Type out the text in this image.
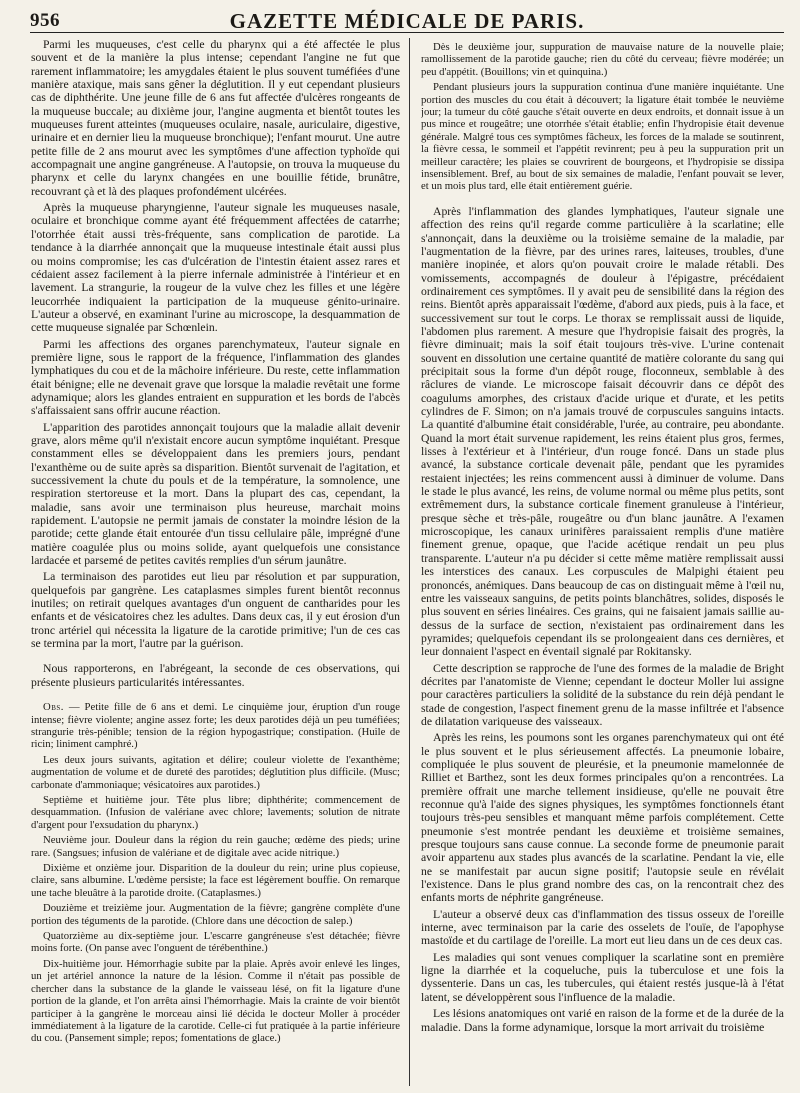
956	GAZETTE MÉDICALE DE PARIS.

Parmi les muqueuses, c'est celle du pharynx qui a été affectée le plus souvent et de la manière la plus intense; cependant l'angine ne fut que rarement inflammatoire; les amygdales étaient le plus souvent tuméfiées d'une manière ataxique, mais sans gêner la déglutition. Il y eut cependant plusieurs cas de diphthérite. Une jeune fille de 6 ans fut affectée d'ulcères rongeants de la muqueuse buccale; au dixième jour, l'angine augmenta et bientôt toutes les muqueuses furent atteintes (muqueuses oculaire, nasale, auriculaire, digestive, urinaire et en dernier lieu la muqueuse bronchique); l'enfant mourut. Une autre petite fille de 2 ans mourut avec les symptômes d'une affection typhoïde qui accompagnait une angine gangréneuse. A l'autopsie, on trouva la muqueuse du pharynx et celle du larynx changées en une bouillie fétide, brunâtre, recouvrant çà et là des plaques profondément ulcérées.

Après la muqueuse pharyngienne, l'auteur signale les muqueuses nasale, oculaire et bronchique comme ayant été fréquemment affectées de catarrhe; l'otorrhée était aussi très-fréquente, sans complication de parotide. La tendance à la diarrhée annonçait que la muqueuse intestinale était aussi plus ou moins compromise; les cas d'ulcération de l'intestin étaient assez rares et cédaient assez facilement à la pierre infernale administrée à l'intérieur et en lavement. La strangurie, la rougeur de la vulve chez les filles et une légère leucorrhée indiquaient la participation de la muqueuse génito-urinaire. L'auteur a observé, en examinant l'urine au microscope, la desquammation de cette muqueuse signalée par Schœnlein.

Parmi les affections des organes parenchymateux, l'auteur signale en première ligne, sous le rapport de la fréquence, l'inflammation des glandes lymphatiques du cou et de la mâchoire inférieure. Du reste, cette inflammation était bénigne; elle ne devenait grave que lorsque la maladie revêtait une forme adynamique; alors les glandes entraient en suppuration et les bords de l'abcès s'affaissaient sans offrir aucune réaction.

L'apparition des parotides annonçait toujours que la maladie allait devenir grave, alors même qu'il n'existait encore aucun symptôme inquiétant. Presque constamment elles se développaient dans les premiers jours, pendant l'exanthème ou de suite après sa disparition. Bientôt survenait de l'agitation, et successivement la chute du pouls et de la température, la somnolence, une respiration stertoreuse et la mort. Dans la plupart des cas, cependant, la maladie, sans avoir une terminaison plus heureuse, marchait moins rapidement. L'autopsie ne permit jamais de constater la moindre lésion de la parotide; cette glande était entourée d'un tissu cellulaire pâle, imprégné d'une matière coagulée plus ou moins solide, ayant quelquefois une consistance lardacée et parsemé de petites cavités remplies d'un sérum jaunâtre.

La terminaison des parotides eut lieu par résolution et par suppuration, quelquefois par gangrène. Les cataplasmes simples furent bientôt reconnus inutiles; on retirait quelques avantages d'un onguent de cantharides pour les enfants et de vésicatoires chez les adultes. Dans deux cas, il y eut érosion d'un tronc artériel qui nécessita la ligature de la carotide primitive; l'un de ces cas se termina par la mort, l'autre par la guérison.

Nous rapporterons, en l'abrégeant, la seconde de ces observations, qui présente plusieurs particularités intéressantes.

Obs. — Petite fille de 6 ans et demi. Le cinquième jour, éruption d'un rouge intense; fièvre violente; angine assez forte; les deux parotides déjà un peu tuméfiées; strangurie très-pénible; tension de la région hypogastrique; constipation. (Huile de ricin; liniment camphré.)

Les deux jours suivants, agitation et délire; couleur violette de l'exanthème; augmentation de volume et de dureté des parotides; déglutition plus difficile. (Musc; carbonate d'ammoniaque; vésicatoires aux parotides.)

Septième et huitième jour. Tête plus libre; diphthérite; commencement de desquammation. (Infusion de valériane avec chlore; lavements; solution de nitrate d'argent pour l'exsudation du pharynx.)

Neuvième jour. Douleur dans la région du rein gauche; œdème des pieds; urine rare. (Sangsues; infusion de valériane et de digitale avec acide nitrique.)

Dixième et onzième jour. Disparition de la douleur du rein; urine plus copieuse, claire, sans albumine. L'œdème persiste; la face est légèrement bouffie. On remarque une tache bleuâtre à la parotide droite. (Cataplasmes.)

Douzième et treizième jour. Augmentation de la fièvre; gangrène complète d'une portion des téguments de la parotide. (Chlore dans une décoction de salep.)

Quatorzième au dix-septième jour. L'escarre gangréneuse s'est détachée; fièvre moins forte. (On panse avec l'onguent de térébenthine.)

Dix-huitième jour. Hémorrhagie subite par la plaie. Après avoir enlevé les linges, un jet artériel annonce la nature de la lésion. Comme il n'était pas possible de chercher dans la substance de la glande le vaisseau lésé, on fit la ligature d'une portion de la glande, et l'on arrêta ainsi l'hémorrhagie. Mais la crainte de voir bientôt participer à la gangrène le morceau ainsi lié décida le docteur Moller à procéder immédiatement à la ligature de la carotide. Celle-ci fut pratiquée à la partie inférieure du cou. (Pansement simple; repos; fomentations de glace.)

Dès le deuxième jour, suppuration de mauvaise nature de la nouvelle plaie; ramollissement de la parotide gauche; rien du côté du cerveau; fièvre modérée; un peu d'appétit. (Bouillons; vin et quinquina.)

Pendant plusieurs jours la suppuration continua d'une manière inquiétante. Une portion des muscles du cou était à découvert; la ligature était tombée le neuvième jour; la tumeur du côté gauche s'était ouverte en deux endroits, et donnait issue à un pus mince et rougeâtre; une otorrhée s'était établie; enfin l'hydropisie était devenue générale. Malgré tous ces symptômes fâcheux, les forces de la malade se soutinrent, la fièvre cessa, le sommeil et l'appétit revinrent; peu à peu la suppuration prit un meilleur caractère; les plaies se couvrirent de bourgeons, et l'hydropisie se dissipa insensiblement. Bref, au bout de six semaines de maladie, l'enfant pouvait se lever, et un mois plus tard, elle était entièrement guérie.

Après l'inflammation des glandes lymphatiques, l'auteur signale une affection des reins qu'il regarde comme particulière à la scarlatine; elle s'annonçait, dans la deuxième ou la troisième semaine de la maladie, par l'augmentation de la fièvre, par des urines rares, laiteuses, troubles, d'une manière inopinée, et alors qu'on pouvait croire le malade rétabli. Des vomissements, accompagnés de douleur à l'épigastre, précédaient ordinairement ces symptômes. Il y avait peu de sensibilité dans la région des reins. Bientôt après apparaissait l'œdème, d'abord aux pieds, puis à la face, et successivement sur tout le corps. Le thorax se remplissait aussi de liquide, l'abdomen plus rarement. A mesure que l'hydropisie faisait des progrès, la fièvre diminuait; mais la soif était toujours très-vive. L'urine contenait souvent en dissolution une certaine quantité de matière colorante du sang qui précipitait sous la forme d'un dépôt rouge, floconneux, semblable à des râclures de viande. Le microscope faisait découvrir dans ce dépôt des coagulums amorphes, des cristaux d'acide urique et d'urate, et les petits cylindres de F. Simon; on n'a jamais trouvé de corpuscules sanguins intacts. La quantité d'albumine était considérable, l'urée, au contraire, peu abondante. Quand la mort était survenue rapidement, les reins étaient plus gros, fermes, lisses à l'extérieur et à l'intérieur, d'un rouge foncé. Dans un stade plus avancé, la substance corticale devenait pâle, pendant que les pyramides restaient injectées; les reins commencent aussi à diminuer de volume. Dans le stade le plus avancé, les reins, de volume normal ou même plus petits, sont extrêmement durs, la substance corticale finement granuleuse à l'intérieur, presque sèche et très-pâle, rougeâtre ou d'un blanc jaunâtre. A l'examen microscopique, les canaux urinifères paraissaient remplis d'une matière finement grenue, opaque, que l'acide acétique rendait un peu plus transparente. L'auteur n'a pu décider si cette même matière remplissait aussi les interstices des canaux. Les corpuscules de Malpighi étaient peu prononcés, anémiques. Dans beaucoup de cas on distinguait même à l'œil nu, entre les vaisseaux sanguins, de petits points blanchâtres, solides, disposés le plus souvent en séries linéaires. Ces grains, qui ne faisaient jamais saillie au-dessus de la surface de section, n'existaient pas ordinairement dans les pyramides; quelquefois cependant ils se prolongeaient dans ces dernières, et leur donnaient l'aspect en éventail signalé par Rokitansky.

Cette description se rapproche de l'une des formes de la maladie de Bright décrites par l'anatomiste de Vienne; cependant le docteur Moller lui assigne pour caractères particuliers la solidité de la substance du rein déjà pendant le stade de congestion, l'aspect finement grenu de la masse infiltrée et l'absence de dilatation variqueuse des vaisseaux.

Après les reins, les poumons sont les organes parenchymateux qui ont été le plus souvent et le plus sérieusement affectés. La pneumonie lobaire, compliquée le plus souvent de pleurésie, et la pneumonie mamelonnée de Rilliet et Barthez, sont les deux formes principales qu'on a rencontrées. La première offrait une marche tellement insidieuse, qu'elle ne pouvait être reconnue qu'à l'aide des signes physiques, les symptômes fonctionnels étant toujours très-peu sensibles et manquant même parfois complétement. Cette pneumonie s'est montrée pendant les deuxième et troisième semaines, presque toujours sans cause connue. La seconde forme de pneumonie parait avoir appartenu aux stades plus avancés de la scarlatine. Pendant la vie, elle ne se manifestait par aucun signe positif; l'autopsie seule en révélait l'existence. Dans le plus grand nombre des cas, on la rencontrait chez des enfants morts de néphrite gangréneuse.

L'auteur a observé deux cas d'inflammation des tissus osseux de l'oreille interne, avec terminaison par la carie des osselets de l'ouïe, de l'apophyse mastoïde et du cartilage de l'oreille. La mort eut lieu dans un de ces deux cas.

Les maladies qui sont venues compliquer la scarlatine sont en première ligne la diarrhée et la coqueluche, puis la tuberculose et une fois la dyssenterie. Dans un cas, les tubercules, qui étaient restés jusque-là à l'état latent, se développèrent sous l'influence de la maladie.

Les lésions anatomiques ont varié en raison de la forme et de la durée de la maladie. Dans la forme adynamique, lorsque la mort arrivait du troisième
